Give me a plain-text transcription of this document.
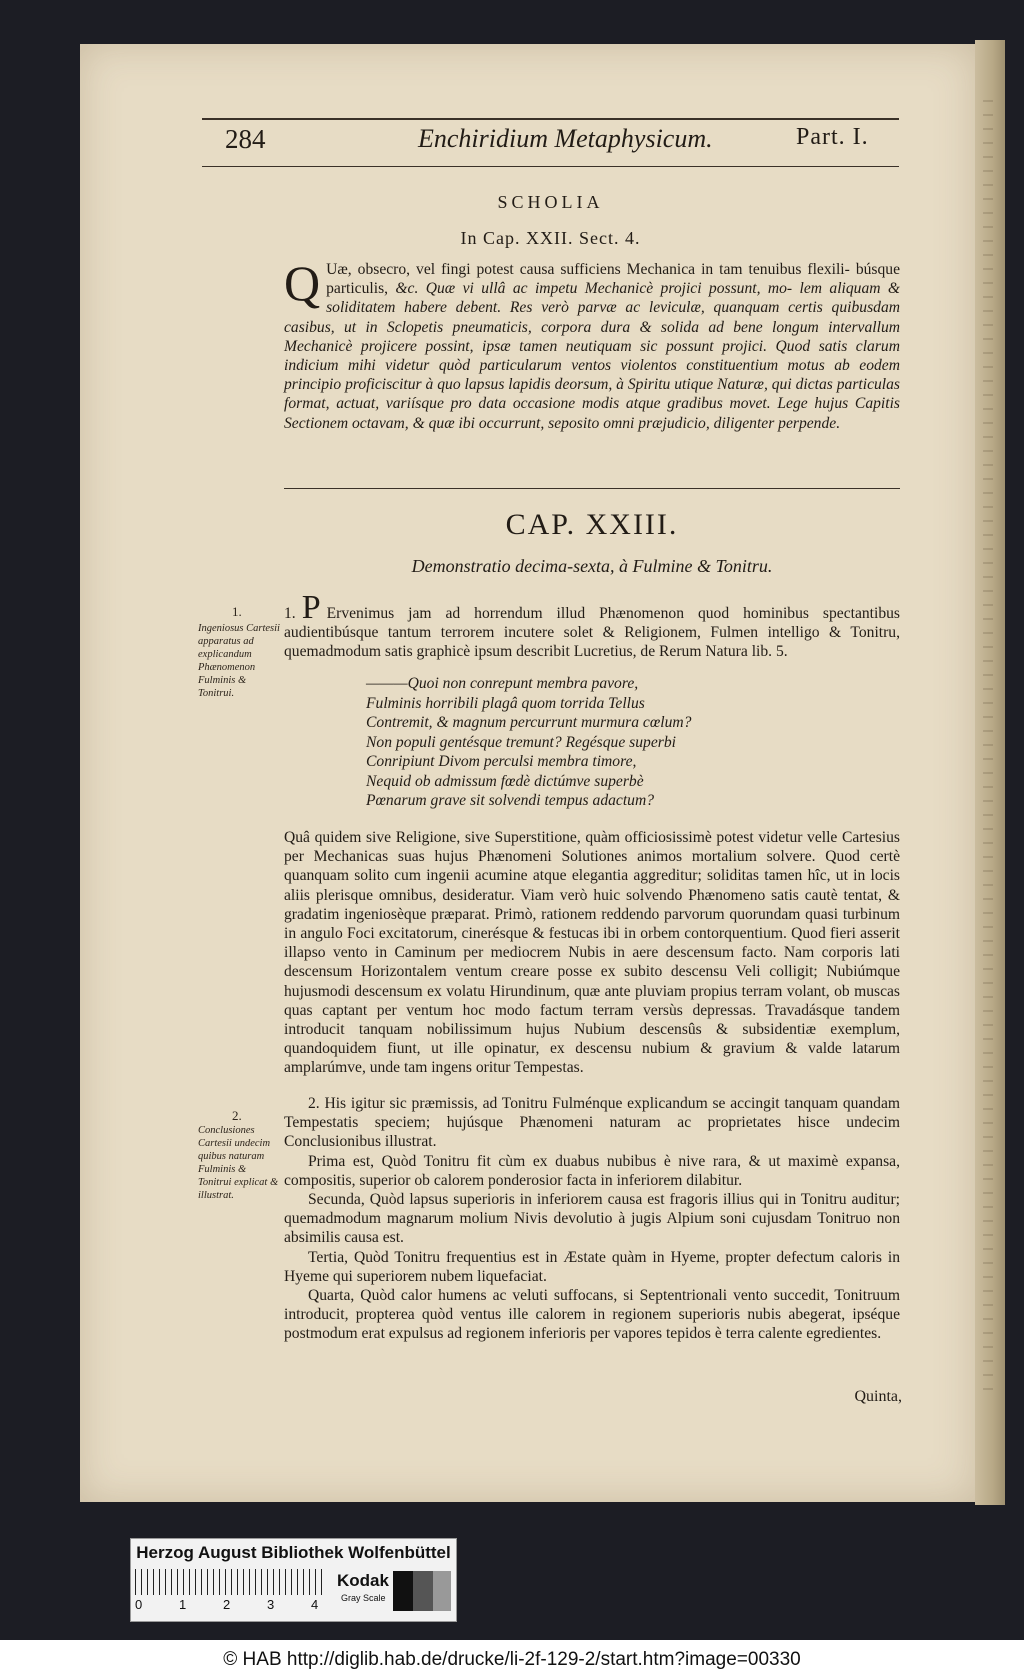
284	Enchiridium Metaphysicum.	Part. I.
SCHOLIA
In Cap. XXII. Sect. 4.
Q Uæ, obsecro, vel fingi potest causa sufficiens Mechanica in tam tenuibus flexili- búsque particulis, &c. Quæ vi ullâ ac impetu Mechanicè projici possunt, mo- lem aliquam & soliditatem habere debent. Res verò parvæ ac leviculæ, quanquam certis quibusdam casibus, ut in Sclopetis pneumaticis, corpora dura & solida ad bene longum intervallum Mechanicè projicere possint, ipsæ tamen neutiquam sic possunt projici. Quod satis clarum indicium mihi videtur quòd particularum ventos violentos constituentium motus ab eodem principio proficiscitur à quo lapsus lapidis deorsum, à Spiritu utique Naturæ, qui dictas particulas format, actuat, variísque pro data occasione modis atque gradibus movet. Lege hujus Capitis Sectionem octavam, & quæ ibi occurrunt, seposito omni præjudicio, diligenter perpende.
CAP. XXIII.
Demonstratio decima-sexta, à Fulmine & Tonitru.
1.
Ingeniosus Cartesii apparatus ad explicandum Phænomenon Fulminis & Tonitrui.
1. P Ervenimus jam ad horrendum illud Phænomenon quod hominibus spectantibus audientibúsque tantum terrorem incutere solet & Religionem, Fulmen intelligo & Tonitru, quemadmodum satis graphicè ipsum describit Lucretius, de Rerum Natura lib. 5.
———Quoi non conrepunt membra pavore,
Fulminis horribili plagâ quom torrida Tellus
Contremit, & magnum percurrunt murmura cœlum?
Non populi gentésque tremunt? Regésque superbi
Conripiunt Divom perculsi membra timore,
Nequid ob admissum fœdè dictúmve superbè
Pœnarum grave sit solvendi tempus adactum?
Quâ quidem sive Religione, sive Superstitione, quàm officiosissimè potest videtur velle Cartesius per Mechanicas suas hujus Phænomeni Solutiones animos mortalium solvere. Quod certè quanquam solito cum ingenii acumine atque elegantia aggreditur; soliditas tamen hîc, ut in locis aliis plerisque omnibus, desideratur. Viam verò huic solvendo Phænomeno satis cautè tentat, & gradatim ingeniosèque præparat. Primò, rationem reddendo parvorum quorundam quasi turbinum in angulo Foci excitatorum, cinerésque & festucas ibi in orbem contorquentium. Quod fieri asserit illapso vento in Caminum per mediocrem Nubis in aere descensum facto. Nam corporis lati descensum Horizontalem ventum creare posse ex subito descensu Veli colligit; Nubiúmque hujusmodi descensum ex volatu Hirundinum, quæ ante pluviam propius terram volant, ob muscas quas captant per ventum hoc modo factum terram versùs depressas. Travadásque tandem introducit tanquam nobilissimum hujus Nubium descensûs & subsidentiæ exemplum, quandoquidem fiunt, ut ille opinatur, ex descensu nubium & gravium & valde latarum amplarúmve, unde tam ingens oritur Tempestas.
2.
Conclusiones Cartesii undecim quibus naturam Fulminis & Tonitrui explicat & illustrat.

2. His igitur sic præmissis, ad Tonitru Fulménque explicandum se accingit tanquam quandam Tempestatis speciem; hujúsque Phænomeni naturam ac proprietates hisce undecim Conclusionibus illustrat.

Prima est, Quòd Tonitru fit cùm ex duabus nubibus è nive rara, & ut maximè expansa, compositis, superior ob calorem ponderosior facta in inferiorem dilabitur.

Secunda, Quòd lapsus superioris in inferiorem causa est fragoris illius qui in Tonitru auditur; quemadmodum magnarum molium Nivis devolutio à jugis Alpium soni cujusdam Tonitruo non absimilis causa est.

Tertia, Quòd Tonitru frequentius est in Æstate quàm in Hyeme, propter defectum caloris in Hyeme qui superiorem nubem liquefaciat.

Quarta, Quòd calor humens ac veluti suffocans, si Septentrionali vento succedit, Tonitruum introducit, propterea quòd ventus ille calorem in regionem superioris nubis abegerat, ipséque postmodum erat expulsus ad regionem inferioris per vapores tepidos è terra calente egredientes.

Quinta,
Herzog August Bibliothek Wolfenbüttel
0	1	2	3	4
Kodak
Gray Scale
© HAB http://diglib.hab.de/drucke/li-2f-129-2/start.htm?image=00330
